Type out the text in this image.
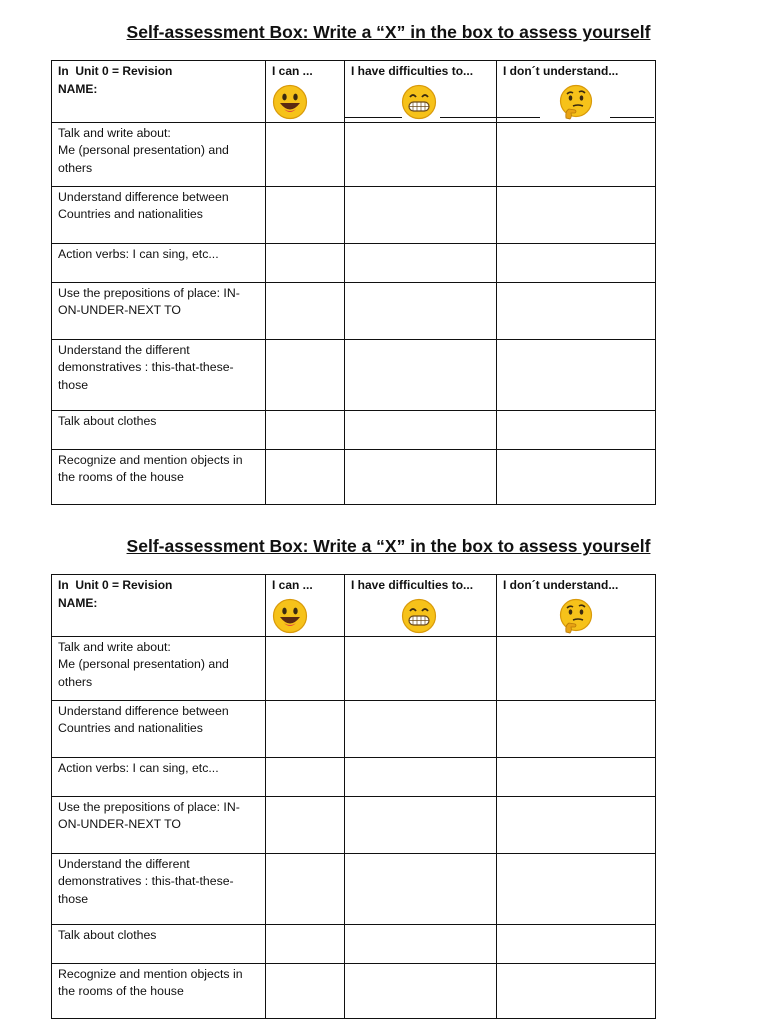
Self-assessment Box: Write a “X” in the box to assess yourself

In  Unit 0 = Revision
NAME:	I can ...	I have difficulties to...	I don´t understand...

Talk and write about:
Me (personal presentation) and
others			

Understand difference between
Countries and nationalities			

Action verbs: I can sing, etc...			

Use the prepositions of place: IN-
ON-UNDER-NEXT TO			

Understand the different
demonstratives : this-that-these-
those			

Talk about clothes			

Recognize and mention objects in
the rooms of the house			

Self-assessment Box: Write a “X” in the box to assess yourself

In  Unit 0 = Revision
NAME:	I can ...	I have difficulties to...	I don´t understand...

Talk and write about:
Me (personal presentation) and
others			

Understand difference between
Countries and nationalities			

Action verbs: I can sing, etc...			

Use the prepositions of place: IN-
ON-UNDER-NEXT TO			

Understand the different
demonstratives : this-that-these-
those			

Talk about clothes			

Recognize and mention objects in
the rooms of the house			
